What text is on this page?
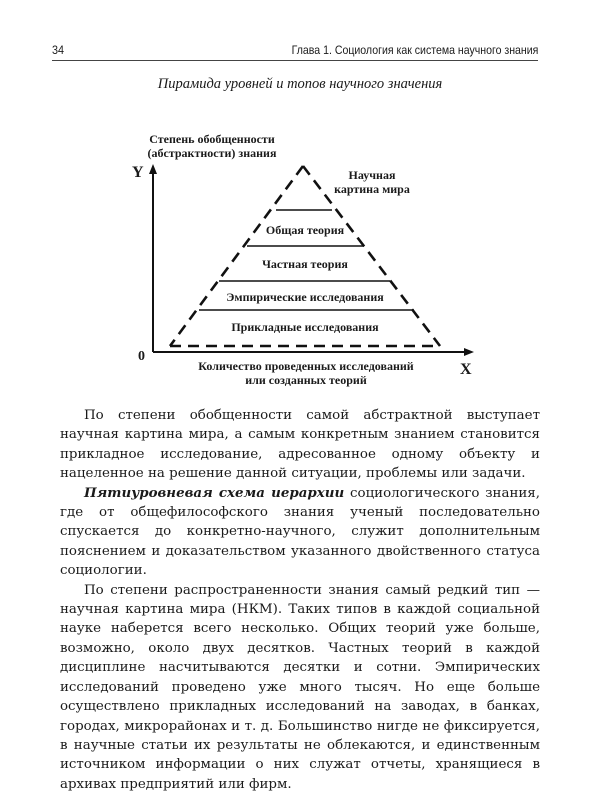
34	Глава 1. Социология как система научного знания
Пирамида уровней и топов научного значения
Степень обобщенности
(абстрактности) знания
Y
X
0
Научная
картина мира
Общая теория
Частная теория
Эмпирические исследования
Прикладные исследования
Количество проведенных исследований
или созданных теорий

По степени обобщенности самой абстрактной выступает научная картина мира, а самым конкретным знанием становится прикладное исследование, адресованное одному объекту и нацеленное на решение данной ситуации, проблемы или задачи.

Пятиуровневая схема иерархии социологического знания, где от общефилософского знания ученый последовательно спускается до конкретно-научного, служит дополнительным пояснением и доказательством указанного двойственного статуса социологии.

По степени распространенности знания самый редкий тип — научная картина мира (НКМ). Таких типов в каждой социальной науке наберется всего несколько. Общих теорий уже больше, возможно, около двух десятков. Частных теорий в каждой дисциплине насчитываются десятки и сотни. Эмпирических исследований проведено уже много тысяч. Но еще больше осуществлено прикладных исследований на заводах, в банках, городах, микрорайонах и т. д. Большинство нигде не фиксируется, в научные статьи их результаты не облекаются, и единственным источником информации о них служат отчеты, хранящиеся в архивах предприятий или фирм.
